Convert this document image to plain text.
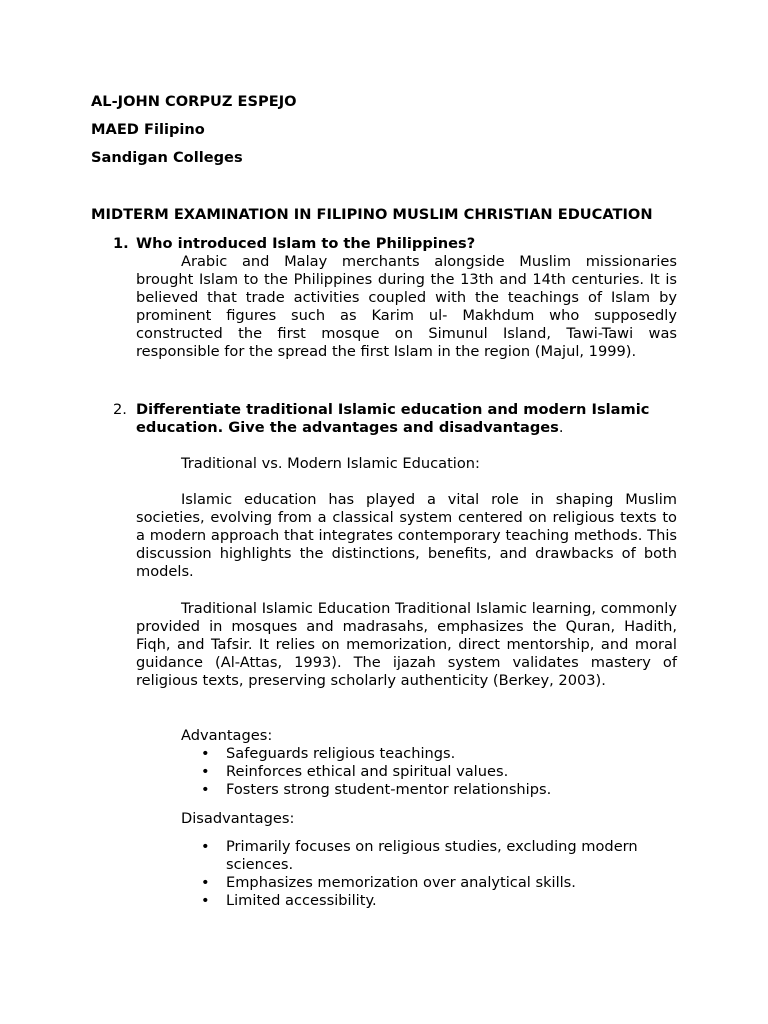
AL-JOHN CORPUZ ESPEJO
MAED Filipino
Sandigan Colleges
MIDTERM EXAMINATION IN FILIPINO MUSLIM CHRISTIAN EDUCATION
1. Who introduced Islam to the Philippines?
Arabic and Malay merchants alongside Muslim missionaries brought Islam to the Philippines during the 13th and 14th centuries. It is believed that trade activities coupled with the teachings of Islam by prominent figures such as Karim ul- Makhdum who supposedly constructed the first mosque on Simunul Island, Tawi-Tawi was responsible for the spread the first Islam in the region (Majul, 1999).
2. Differentiate traditional Islamic education and modern Islamic education. Give the advantages and disadvantages.
Traditional vs. Modern Islamic Education:
Islamic education has played a vital role in shaping Muslim societies, evolving from a classical system centered on religious texts to a modern approach that integrates contemporary teaching methods. This discussion highlights the distinctions, benefits, and drawbacks of both models.
Traditional Islamic Education Traditional Islamic learning, commonly provided in mosques and madrasahs, emphasizes the Quran, Hadith, Fiqh, and Tafsir. It relies on memorization, direct mentorship, and moral guidance (Al-Attas, 1993). The ijazah system validates mastery of religious texts, preserving scholarly authenticity (Berkey, 2003).
Advantages:
• Safeguards religious teachings.
• Reinforces ethical and spiritual values.
• Fosters strong student-mentor relationships.
Disadvantages:
• Primarily focuses on religious studies, excluding modern sciences.
• Emphasizes memorization over analytical skills.
• Limited accessibility.
